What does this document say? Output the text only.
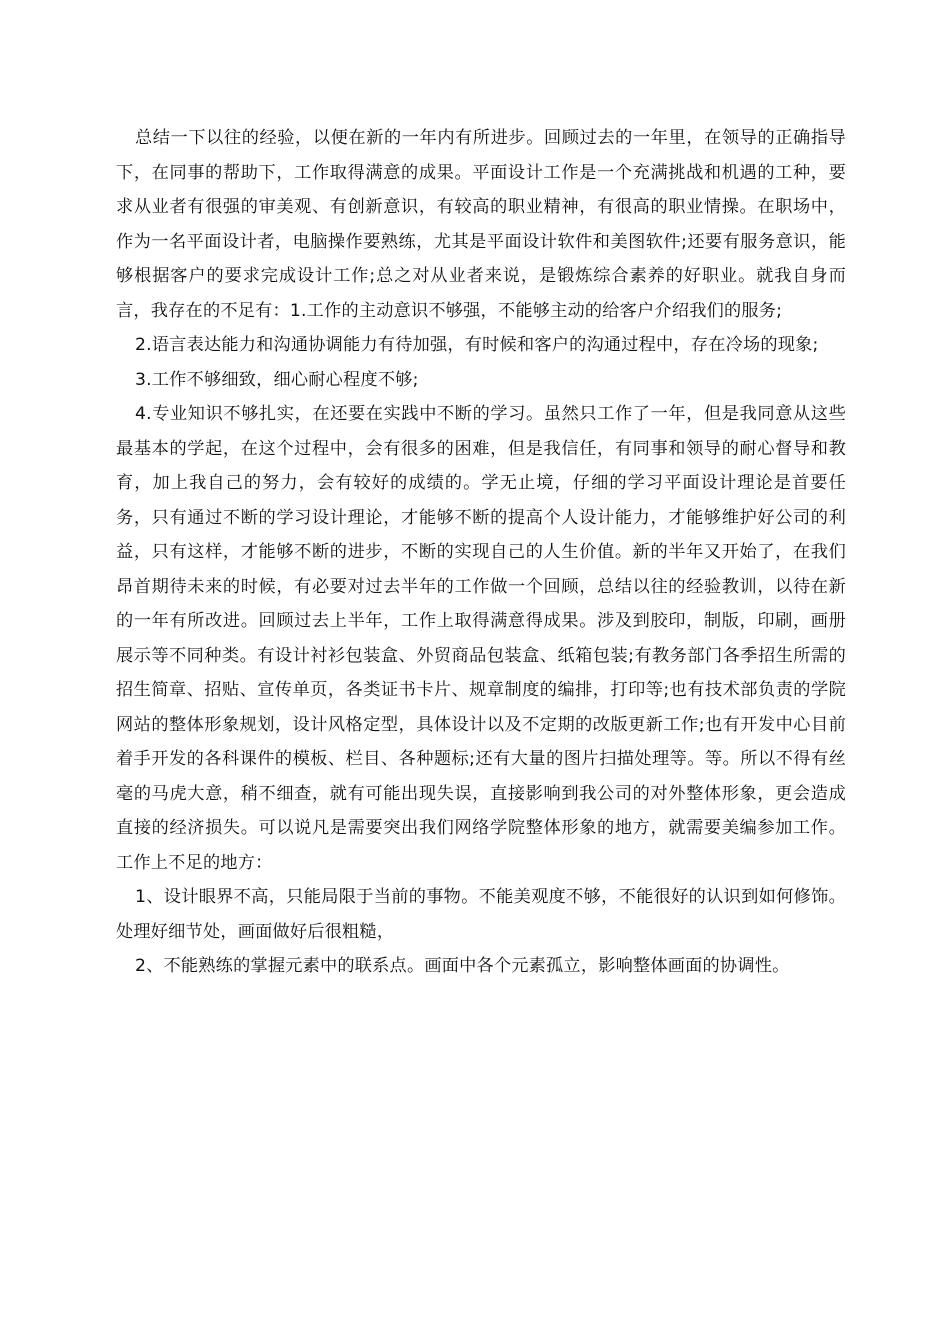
总结一下以往的经验，以便在新的一年内有所进步。回顾过去的一年里，在领导的正确指导下，在同事的帮助下，工作取得满意的成果。平面设计工作是一个充满挑战和机遇的工种，要求从业者有很强的审美观、有创新意识，有较高的职业精神，有很高的职业情操。在职场中，作为一名平面设计者，电脑操作要熟练，尤其是平面设计软件和美图软件;还要有服务意识，能够根据客户的要求完成设计工作;总之对从业者来说，是锻炼综合素养的好职业。就我自身而言，我存在的不足有：1.工作的主动意识不够强，不能够主动的给客户介绍我们的服务;

2.语言表达能力和沟通协调能力有待加强，有时候和客户的沟通过程中，存在冷场的现象;

3.工作不够细致，细心耐心程度不够;

4.专业知识不够扎实，在还要在实践中不断的学习。虽然只工作了一年，但是我同意从这些最基本的学起，在这个过程中，会有很多的困难，但是我信任，有同事和领导的耐心督导和教育，加上我自己的努力，会有较好的成绩的。学无止境，仔细的学习平面设计理论是首要任务，只有通过不断的学习设计理论，才能够不断的提高个人设计能力，才能够维护好公司的利益，只有这样，才能够不断的进步，不断的实现自己的人生价值。新的半年又开始了，在我们昂首期待未来的时候，有必要对过去半年的工作做一个回顾，总结以往的经验教训，以待在新的一年有所改进。回顾过去上半年，工作上取得满意得成果。涉及到胶印，制版，印刷，画册展示等不同种类。有设计衬衫包装盒、外贸商品包装盒、纸箱包装;有教务部门各季招生所需的招生简章、招贴、宣传单页，各类证书卡片、规章制度的编排，打印等;也有技术部负责的学院网站的整体形象规划，设计风格定型，具体设计以及不定期的改版更新工作;也有开发中心目前着手开发的各科课件的模板、栏目、各种题标;还有大量的图片扫描处理等。等。所以不得有丝毫的马虎大意，稍不细查，就有可能出现失误，直接影响到我公司的对外整体形象，更会造成直接的经济损失。可以说凡是需要突出我们网络学院整体形象的地方，就需要美编参加工作。工作上不足的地方：

1、设计眼界不高，只能局限于当前的事物。不能美观度不够，不能很好的认识到如何修饰。处理好细节处，画面做好后很粗糙，

2、不能熟练的掌握元素中的联系点。画面中各个元素孤立，影响整体画面的协调性。
